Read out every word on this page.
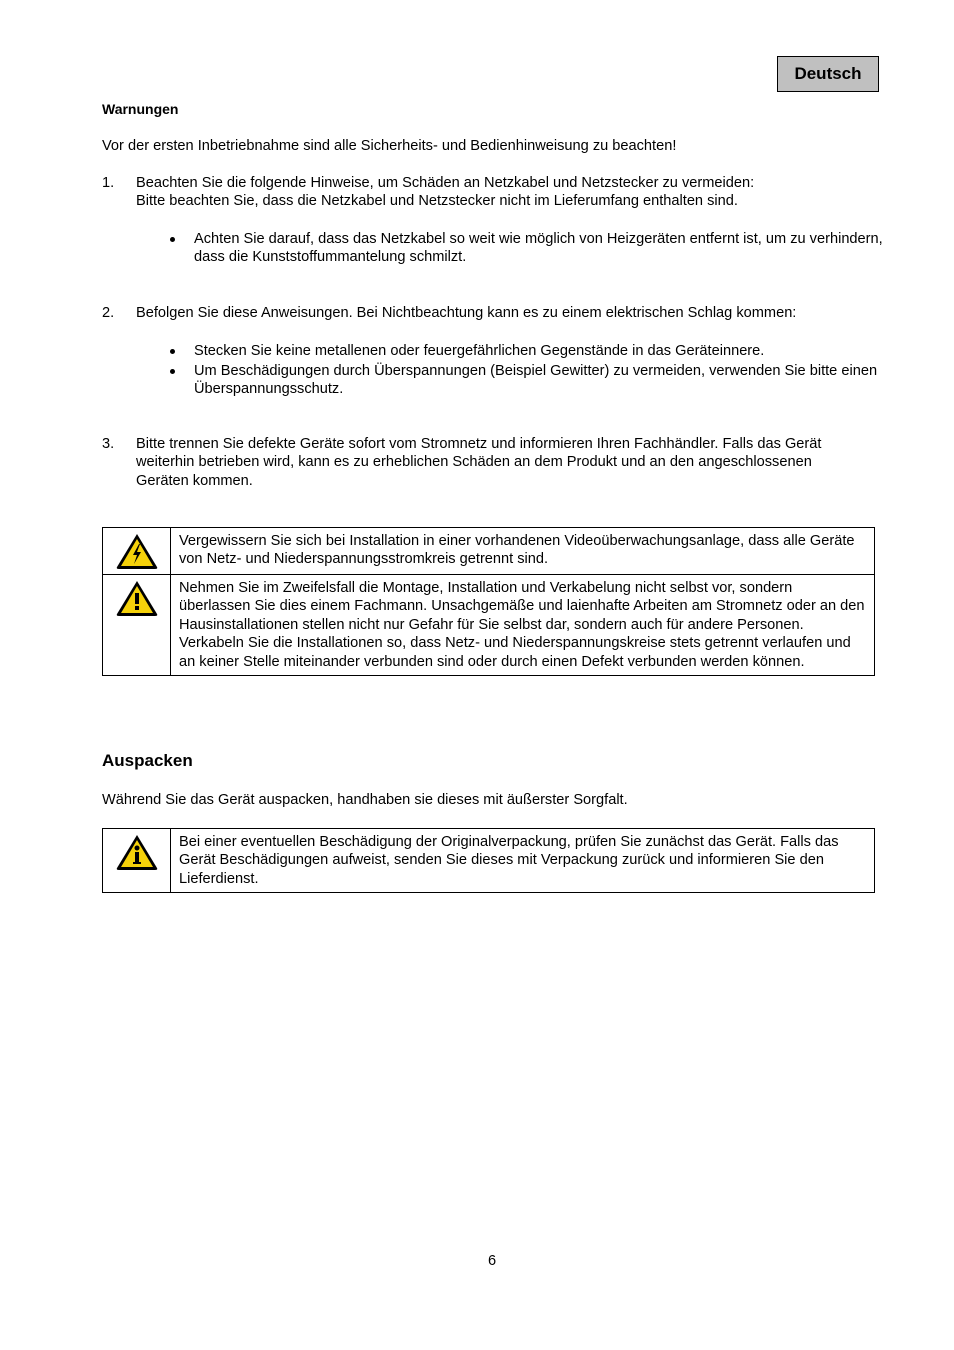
Deutsch
Warnungen
Vor der ersten Inbetriebnahme sind alle Sicherheits- und Bedienhinweisung zu beachten!
1. Beachten Sie die folgende Hinweise, um Schäden an Netzkabel und Netzstecker zu vermeiden:
Bitte beachten Sie, dass die Netzkabel und Netzstecker nicht im Lieferumfang enthalten sind.
Achten Sie darauf, dass das Netzkabel so weit wie möglich von Heizgeräten entfernt ist, um zu verhindern, dass die Kunststoffummantelung schmilzt.
2. Befolgen Sie diese Anweisungen. Bei Nichtbeachtung kann es zu einem elektrischen Schlag kommen:
Stecken Sie keine metallenen oder feuergefährlichen Gegenstände in das Geräteinnere.
Um Beschädigungen durch Überspannungen (Beispiel Gewitter) zu vermeiden, verwenden Sie bitte einen Überspannungsschutz.
3. Bitte trennen Sie defekte Geräte sofort vom Stromnetz und informieren Ihren Fachhändler. Falls das Gerät weiterhin betrieben wird, kann es zu erheblichen Schäden an dem Produkt und an den angeschlossenen Geräten kommen.
	Vergewissern Sie sich bei Installation in einer vorhandenen Videoüberwachungsanlage, dass alle Geräte von Netz- und Niederspannungsstromkreis getrennt sind.

Nehmen Sie im Zweifelsfall die Montage, Installation und Verkabelung nicht selbst vor, sondern überlassen Sie dies einem Fachmann. Unsachgemäße und laienhafte Arbeiten am Stromnetz oder an den Hausinstallationen stellen nicht nur Gefahr für Sie selbst dar, sondern auch für andere Personen.
Verkabeln Sie die Installationen so, dass Netz- und Niederspannungskreise stets getrennt verlaufen und an keiner Stelle miteinander verbunden sind oder durch einen Defekt verbunden werden können.
Auspacken
Während Sie das Gerät auspacken, handhaben sie dieses mit äußerster Sorgfalt.
	Bei einer eventuellen Beschädigung der Originalverpackung, prüfen Sie zunächst das Gerät. Falls das Gerät Beschädigungen aufweist, senden Sie dieses mit Verpackung zurück und informieren Sie den Lieferdienst.
6
